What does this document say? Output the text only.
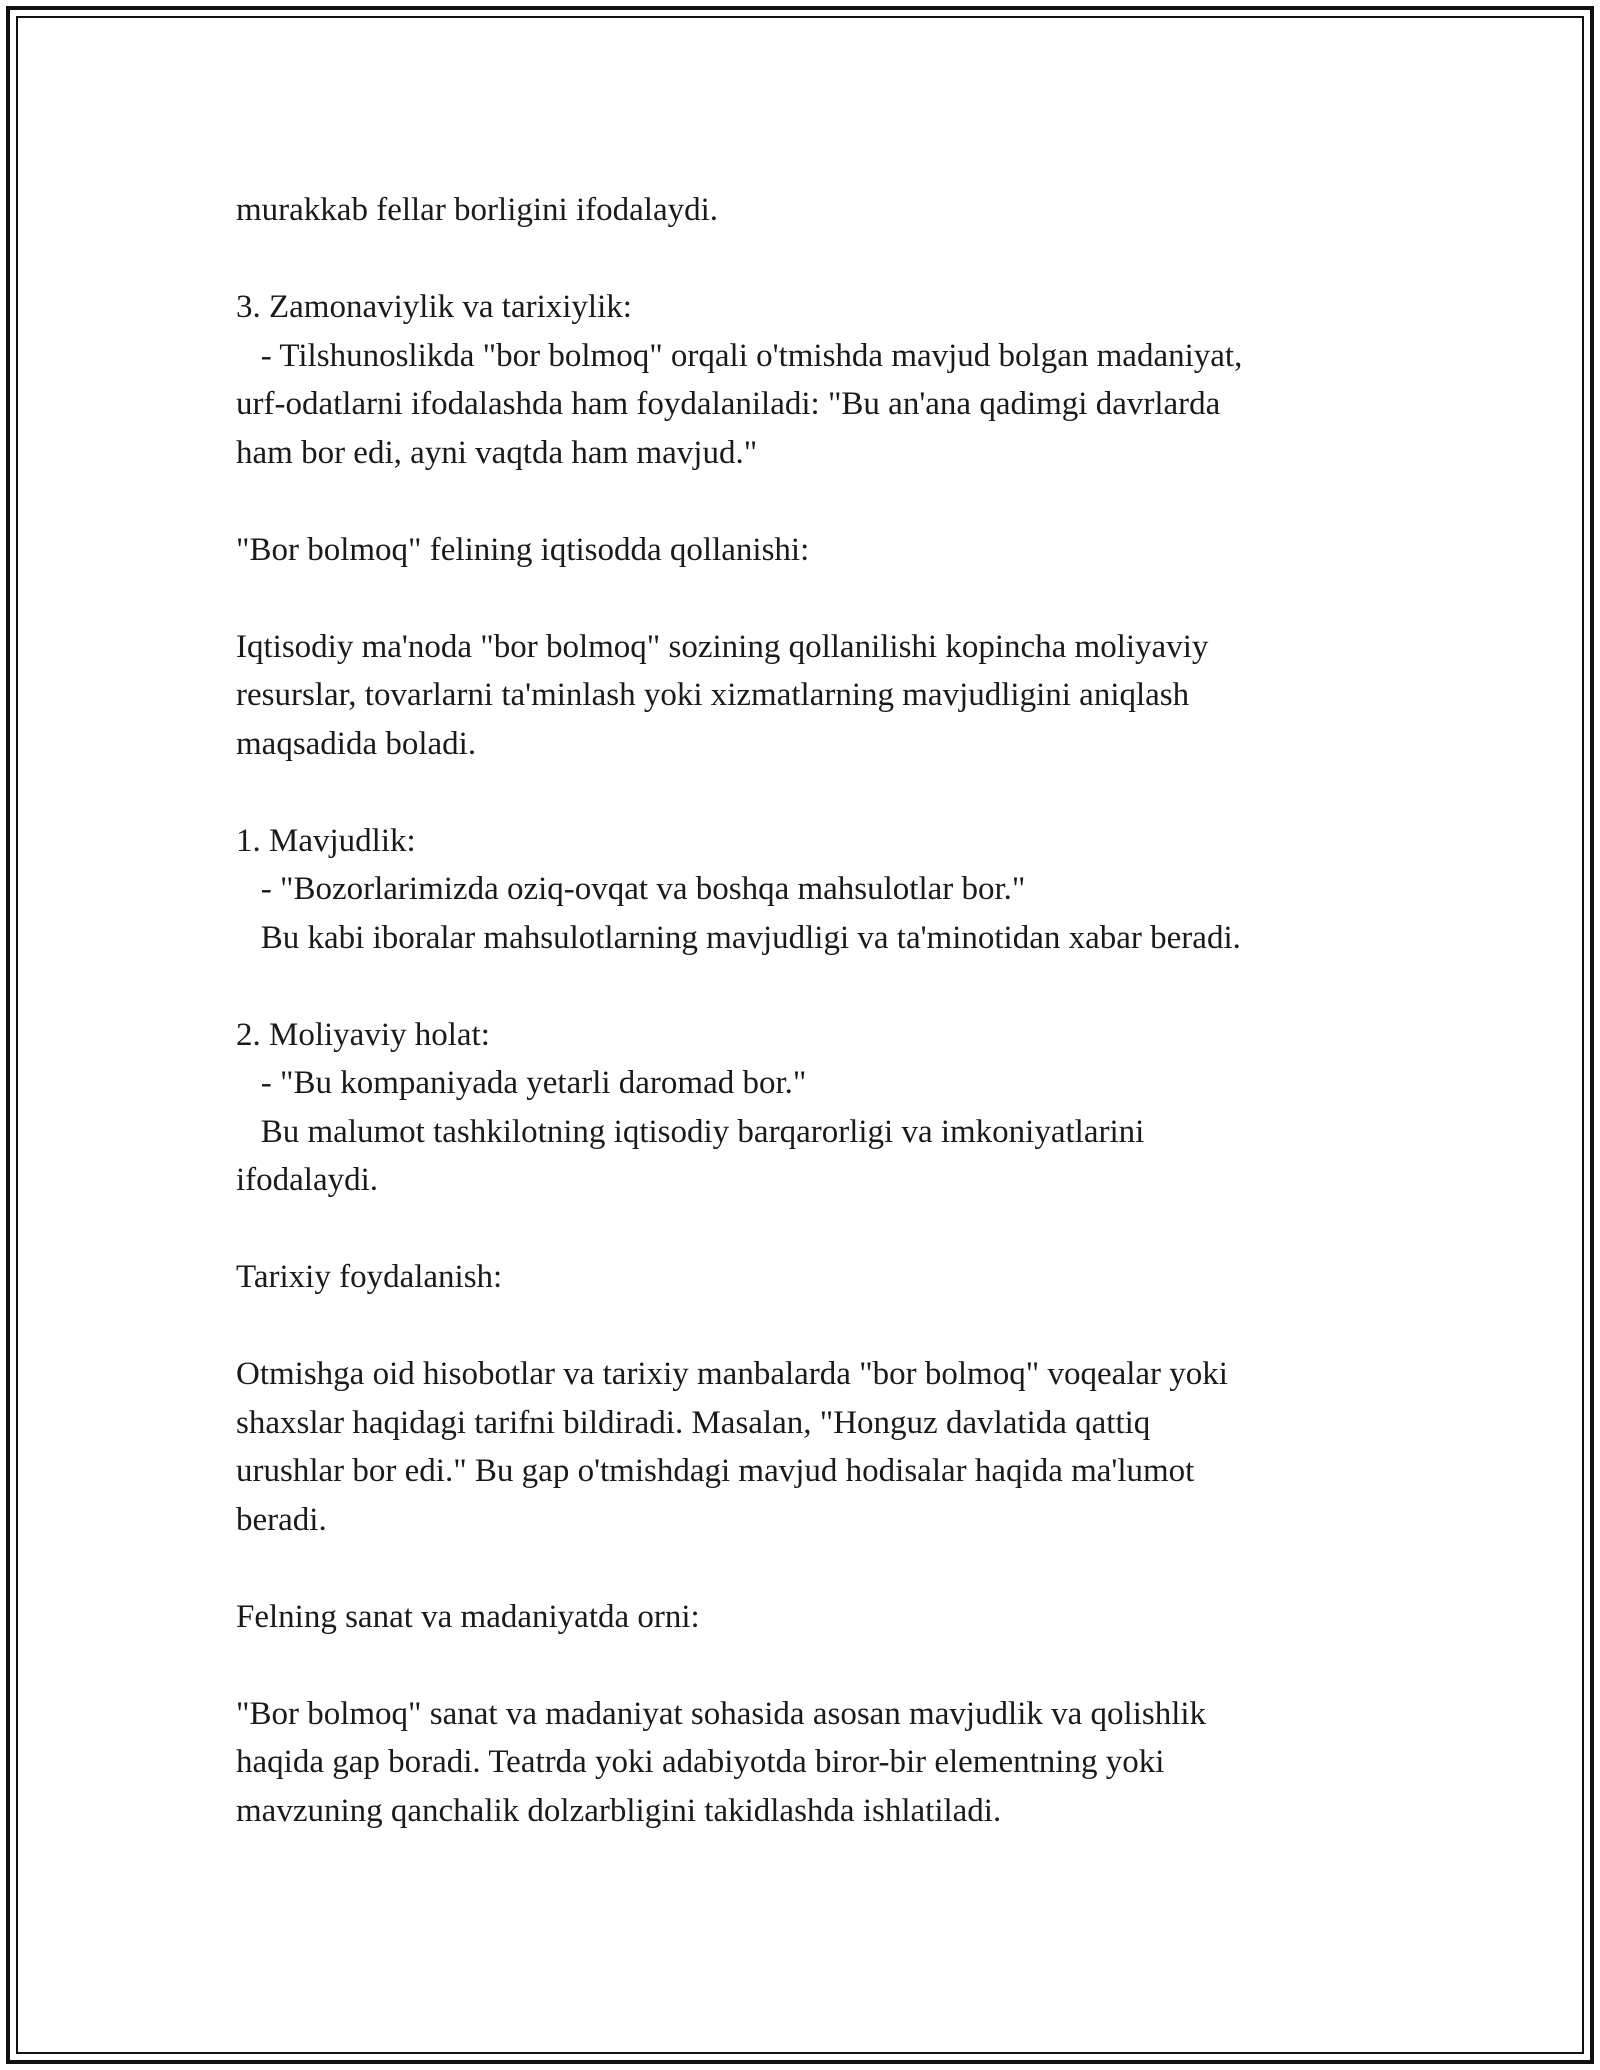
murakkab fellar borligini ifodalaydi.
3. Zamonaviylik va tarixiylik:
- Tilshunoslikda "bor bolmoq" orqali o'tmishda mavjud bolgan madaniyat,
urf-odatlarni ifodalashda ham foydalaniladi: "Bu an'ana qadimgi davrlarda
ham bor edi, ayni vaqtda ham mavjud."
"Bor bolmoq" felining iqtisodda qollanishi:
Iqtisodiy ma'noda "bor bolmoq" sozining qollanilishi kopincha moliyaviy
resurslar, tovarlarni ta'minlash yoki xizmatlarning mavjudligini aniqlash
maqsadida boladi.
1. Mavjudlik:
- "Bozorlarimizda oziq-ovqat va boshqa mahsulotlar bor."
Bu kabi iboralar mahsulotlarning mavjudligi va ta'minotidan xabar beradi.
2. Moliyaviy holat:
- "Bu kompaniyada yetarli daromad bor."
Bu malumot tashkilotning iqtisodiy barqarorligi va imkoniyatlarini
ifodalaydi.
Tarixiy foydalanish:
Otmishga oid hisobotlar va tarixiy manbalarda "bor bolmoq" voqealar yoki
shaxslar haqidagi tarifni bildiradi. Masalan, "Honguz davlatida qattiq
urushlar bor edi." Bu gap o'tmishdagi mavjud hodisalar haqida ma'lumot
beradi.
Felning sanat va madaniyatda orni:
"Bor bolmoq" sanat va madaniyat sohasida asosan mavjudlik va qolishlik
haqida gap boradi. Teatrda yoki adabiyotda biror-bir elementning yoki
mavzuning qanchalik dolzarbligini takidlashda ishlatiladi.
